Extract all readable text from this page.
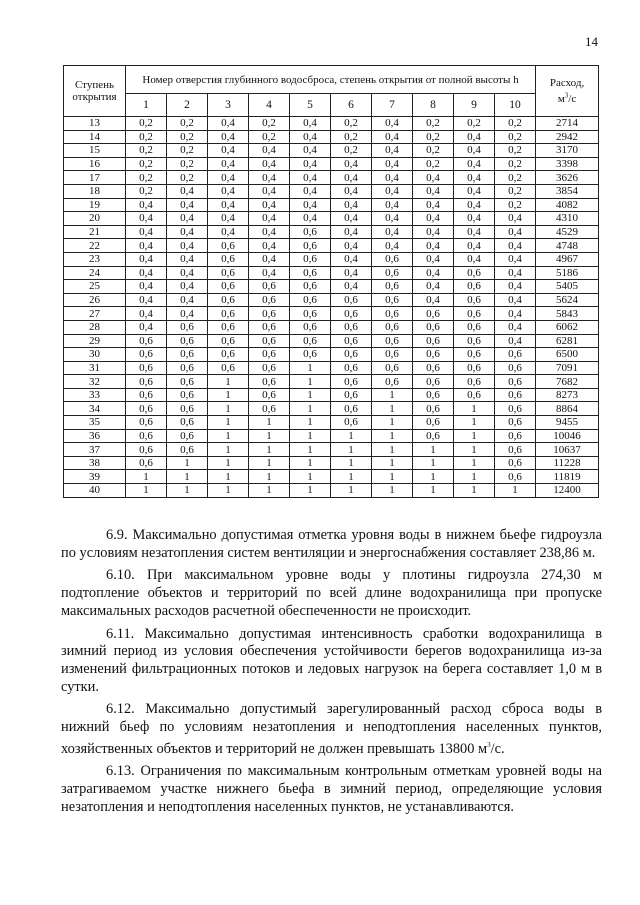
14
Ступень открытия	Номер отверстия глубинного водосброса, степень открытия от полной высоты h										Расход,
$м^3/с$
	1	2	3	4	5	6	7	8	9	10	
13	0,2	0,2	0,4	0,2	0,4	0,2	0,4	0,2	0,2	0,2	2714
14	0,2	0,2	0,4	0,2	0,4	0,2	0,4	0,2	0,4	0,2	2942
15	0,2	0,2	0,4	0,4	0,4	0,2	0,4	0,2	0,4	0,2	3170
16	0,2	0,2	0,4	0,4	0,4	0,4	0,4	0,2	0,4	0,2	3398
17	0,2	0,2	0,4	0,4	0,4	0,4	0,4	0,4	0,4	0,2	3626
18	0,2	0,4	0,4	0,4	0,4	0,4	0,4	0,4	0,4	0,2	3854
19	0,4	0,4	0,4	0,4	0,4	0,4	0,4	0,4	0,4	0,2	4082
20	0,4	0,4	0,4	0,4	0,4	0,4	0,4	0,4	0,4	0,4	4310
21	0,4	0,4	0,4	0,4	0,6	0,4	0,4	0,4	0,4	0,4	4529
22	0,4	0,4	0,6	0,4	0,6	0,4	0,4	0,4	0,4	0,4	4748
23	0,4	0,4	0,6	0,4	0,6	0,4	0,6	0,4	0,4	0,4	4967
24	0,4	0,4	0,6	0,4	0,6	0,4	0,6	0,4	0,6	0,4	5186
25	0,4	0,4	0,6	0,6	0,6	0,4	0,6	0,4	0,6	0,4	5405
26	0,4	0,4	0,6	0,6	0,6	0,6	0,6	0,4	0,6	0,4	5624
27	0,4	0,4	0,6	0,6	0,6	0,6	0,6	0,6	0,6	0,4	5843
28	0,4	0,6	0,6	0,6	0,6	0,6	0,6	0,6	0,6	0,4	6062
29	0,6	0,6	0,6	0,6	0,6	0,6	0,6	0,6	0,6	0,4	6281
30	0,6	0,6	0,6	0,6	0,6	0,6	0,6	0,6	0,6	0,6	6500
31	0,6	0,6	0,6	0,6	1	0,6	0,6	0,6	0,6	0,6	7091
32	0,6	0,6	1	0,6	1	0,6	0,6	0,6	0,6	0,6	7682
33	0,6	0,6	1	0,6	1	0,6	1	0,6	0,6	0,6	8273
34	0,6	0,6	1	0,6	1	0,6	1	0,6	1	0,6	8864
35	0,6	0,6	1	1	1	0,6	1	0,6	1	0,6	9455
36	0,6	0,6	1	1	1	1	1	0,6	1	0,6	10046
37	0,6	0,6	1	1	1	1	1	1	1	0,6	10637
38	0,6	1	1	1	1	1	1	1	1	0,6	11228
39	1	1	1	1	1	1	1	1	1	0,6	11819
40	1	1	1	1	1	1	1	1	1	1	12400

6.9. Максимально допустимая отметка уровня воды в нижнем бьефе гидроузла по условиям незатопления систем вентиляции и энергоснабжения составляет 238,86 м.

6.10. При максимальном уровне воды у плотины гидроузла 274,30 м подтопление объектов и территорий по всей длине водохранилища при пропуске максимальных расходов расчетной обеспеченности не происходит.

6.11. Максимально допустимая интенсивность сработки водохранилища в зимний период из условия обеспечения устойчивости берегов водохранилища из-за изменений фильтрационных потоков и ледовых нагрузок на берега составляет 1,0 м в сутки.

6.12. Максимально допустимый зарегулированный расход сброса воды в нижний бьеф по условиям незатопления и неподтопления населенных пунктов, хозяйственных объектов и территорий не должен превышать 13800 $м^3/с$.

6.13. Ограничения по максимальным контрольным отметкам уровней воды на затрагиваемом участке нижнего бьефа в зимний период, определяющие условия незатопления и неподтопления населенных пунктов, не устанавливаются.
